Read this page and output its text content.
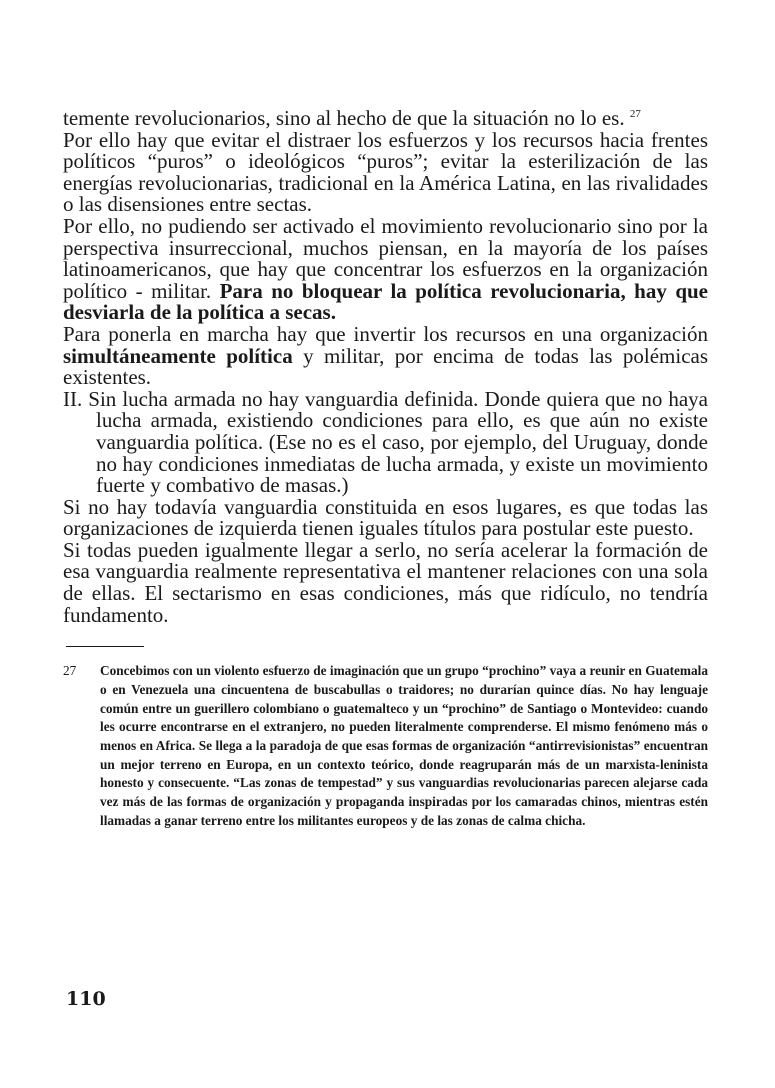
temente revolucionarios, sino al hecho de que la situación no lo es. $^{27}$

Por ello hay que evitar el distraer los esfuerzos y los recursos hacia frentes políticos “puros” o ideológicos “puros”; evitar la esterilización de las energías revolucionarias, tradicional en la América Latina, en las rivalidades o las disensiones entre sectas.

Por ello, no pudiendo ser activado el movimiento revolucionario sino por la perspectiva insurreccional, muchos piensan, en la mayoría de los países latinoamericanos, que hay que concentrar los esfuerzos en la organización político - militar. Para no bloquear la política revolucionaria, hay que desviarla de la política a secas.

Para ponerla en marcha hay que invertir los recursos en una organización simultáneamente política y militar, por encima de todas las polémicas existentes.

II. Sin lucha armada no hay vanguardia definida. Donde quiera que no haya lucha armada, existiendo condiciones para ello, es que aún no existe vanguardia política. (Ese no es el caso, por ejemplo, del Uruguay, donde no hay condiciones inmediatas de lucha armada, y existe un movimiento fuerte y combativo de masas.)

Si no hay todavía vanguardia constituida en esos lugares, es que todas las organizaciones de izquierda tienen iguales títulos para postular este puesto.

Si todas pueden igualmente llegar a serlo, no sería acelerar la formación de esa vanguardia realmente representativa el mantener relaciones con una sola de ellas. El sectarismo en esas condiciones, más que ridículo, no tendría fundamento.

27 Concebimos con un violento esfuerzo de imaginación que un grupo “prochino” vaya a reunir en Guatemala o en Venezuela una cincuentena de buscabullas o traidores; no durarían quince días. No hay lenguaje común entre un guerillero colombiano o guatemalteco y un “prochino” de Santiago o Montevideo: cuando les ocurre encontrarse en el extranjero, no pueden literalmente comprenderse. El mismo fenómeno más o menos en Africa. Se llega a la paradoja de que esas formas de organización “antirrevisionistas” encuentran un mejor terreno en Europa, en un contexto teórico, donde reagruparán más de un marxista-leninista honesto y consecuente. “Las zonas de tempestad” y sus vanguardias revolucionarias parecen alejarse cada vez más de las formas de organización y propaganda inspiradas por los camaradas chinos, mientras estén llamadas a ganar terreno entre los militantes europeos y de las zonas de calma chicha.
110
